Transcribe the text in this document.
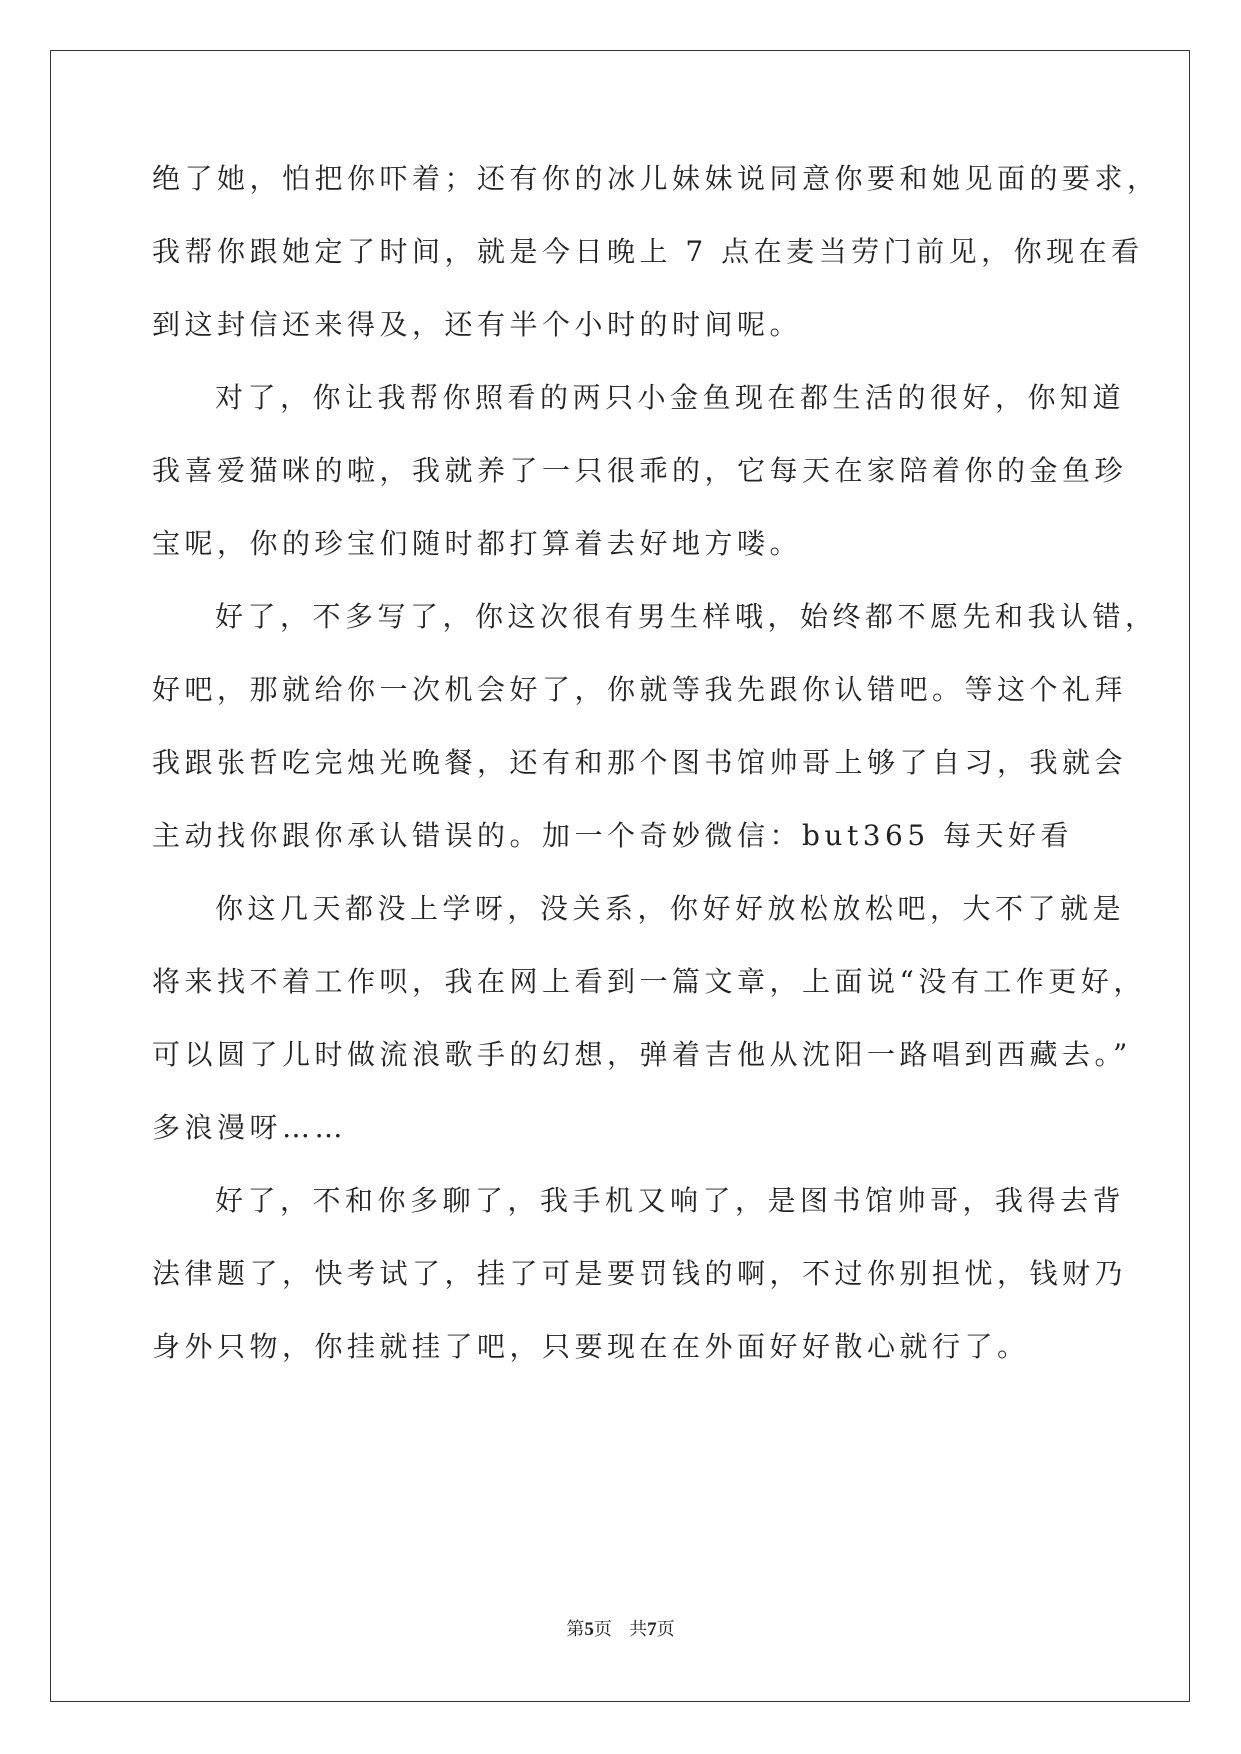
绝了她，怕把你吓着；还有你的冰儿妹妹说同意你要和她见面的要求，
我帮你跟她定了时间，就是今日晚上 7 点在麦当劳门前见，你现在看
到这封信还来得及，还有半个小时的时间呢。
对了，你让我帮你照看的两只小金鱼现在都生活的很好，你知道
我喜爱猫咪的啦，我就养了一只很乖的，它每天在家陪着你的金鱼珍
宝呢，你的珍宝们随时都打算着去好地方喽。
好了，不多写了，你这次很有男生样哦，始终都不愿先和我认错，
好吧，那就给你一次机会好了，你就等我先跟你认错吧。等这个礼拜
我跟张哲吃完烛光晚餐，还有和那个图书馆帅哥上够了自习，我就会
主动找你跟你承认错误的。加一个奇妙微信：but365 每天好看
你这几天都没上学呀，没关系，你好好放松放松吧，大不了就是
将来找不着工作呗，我在网上看到一篇文章，上面说“没有工作更好，
可以圆了儿时做流浪歌手的幻想，弹着吉他从沈阳一路唱到西藏去。”
多浪漫呀……
好了，不和你多聊了，我手机又响了，是图书馆帅哥，我得去背
法律题了，快考试了，挂了可是要罚钱的啊，不过你别担忧，钱财乃
身外只物，你挂就挂了吧，只要现在在外面好好散心就行了。
第5页 共7页
